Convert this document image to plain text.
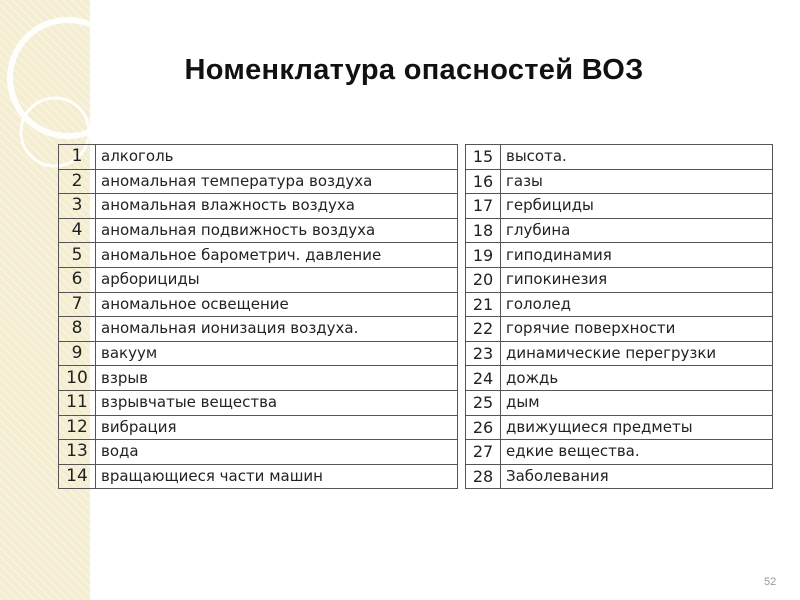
Номенклатура опасностей ВОЗ
1	алкоголь
2	аномальная температура воздуха
3	аномальная влажность воздуха
4	аномальная подвижность воздуха
5	аномальное барометрич. давление
6	арборициды
7	аномальное освещение
8	аномальная ионизация воздуха.
9	вакуум
10	взрыв
11	взрывчатые вещества
12	вибрация
13	вода
14	вращающиеся части машин
15	высота.
16	газы
17	гербициды
18	глубина
19	гиподинамия
20	гипокинезия
21	гололед
22	горячие поверхности
23	динамические перегрузки
24	дождь
25	дым
26	движущиеся предметы
27	едкие вещества.
28	Заболевания
52
